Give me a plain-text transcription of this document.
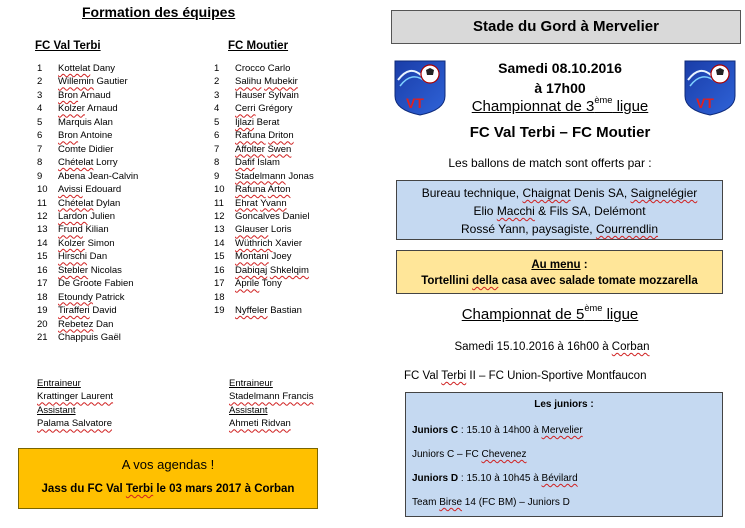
Formation des équipes
FC Val Terbi	FC Moutier
1	Kottelat Dany
2	Willemin Gautier
3	Bron Arnaud
4	Kolzer Arnaud
5	Marquis Alan
6	Bron Antoine
7	Comte Didier
8	Chételat Lorry
9	Abena Jean-Calvin
10	Avissi Edouard
11	Chételat Dylan
12	Lardon Julien
13	Frund Kilian
14	Kolzer Simon
15	Hirschi Dan
16	Stebler Nicolas
17	De Groote Fabien
18	Etoundy Patrick
19	Tirafferi David
20	Rebetez Dan
21	Chappuis Gaël
1	Crocco Carlo
2	Salihu Mubekir
3	Hauser Sylvain
4	Cerri Grégory
5	Ijlazi Berat
6	Rafuna Driton
7	Affolter Swen
8	Dafif Islam
9	Stadelmann Jonas
10	Rafuna Arton
11	Ehrat Yvann
12	Goncalves Daniel
13	Glauser Loris
14	Wüthrich Xavier
15	Montani Joey
16	Dabiqaj Shkelqim
17	Aprile Tony
18
19	Nyffeler Bastian
Entraineur
Krattinger Laurent
Assistant
Palama Salvatore
Entraineur
Stadelmann Francis
Assistant
Ahmeti Ridvan
A vos agendas !
Jass du FC Val Terbi le 03 mars 2017 à Corban
Stade du Gord à Mervelier
VT	VT
Samedi 08.10.2016
à 17h00
Championnat de 3ème ligue
FC Val Terbi – FC Moutier
Les ballons de match sont offerts par :
Bureau technique, Chaignat Denis SA, Saignelégier
Elio Macchi & Fils SA, Delémont
Rossé Yann, paysagiste, Courrendlin
Au menu :
Tortellini della casa avec salade tomate mozzarella
Championnat de 5ème ligue
Samedi 15.10.2016 à 16h00 à Corban
FC Val Terbi II – FC Union-Sportive Montfaucon
Les juniors :
Juniors C : 15.10 à 14h00 à Mervelier
Juniors C – FC Chevenez
Juniors D : 15.10 à 10h45 à Bévilard
Team Birse 14 (FC BM) – Juniors D
